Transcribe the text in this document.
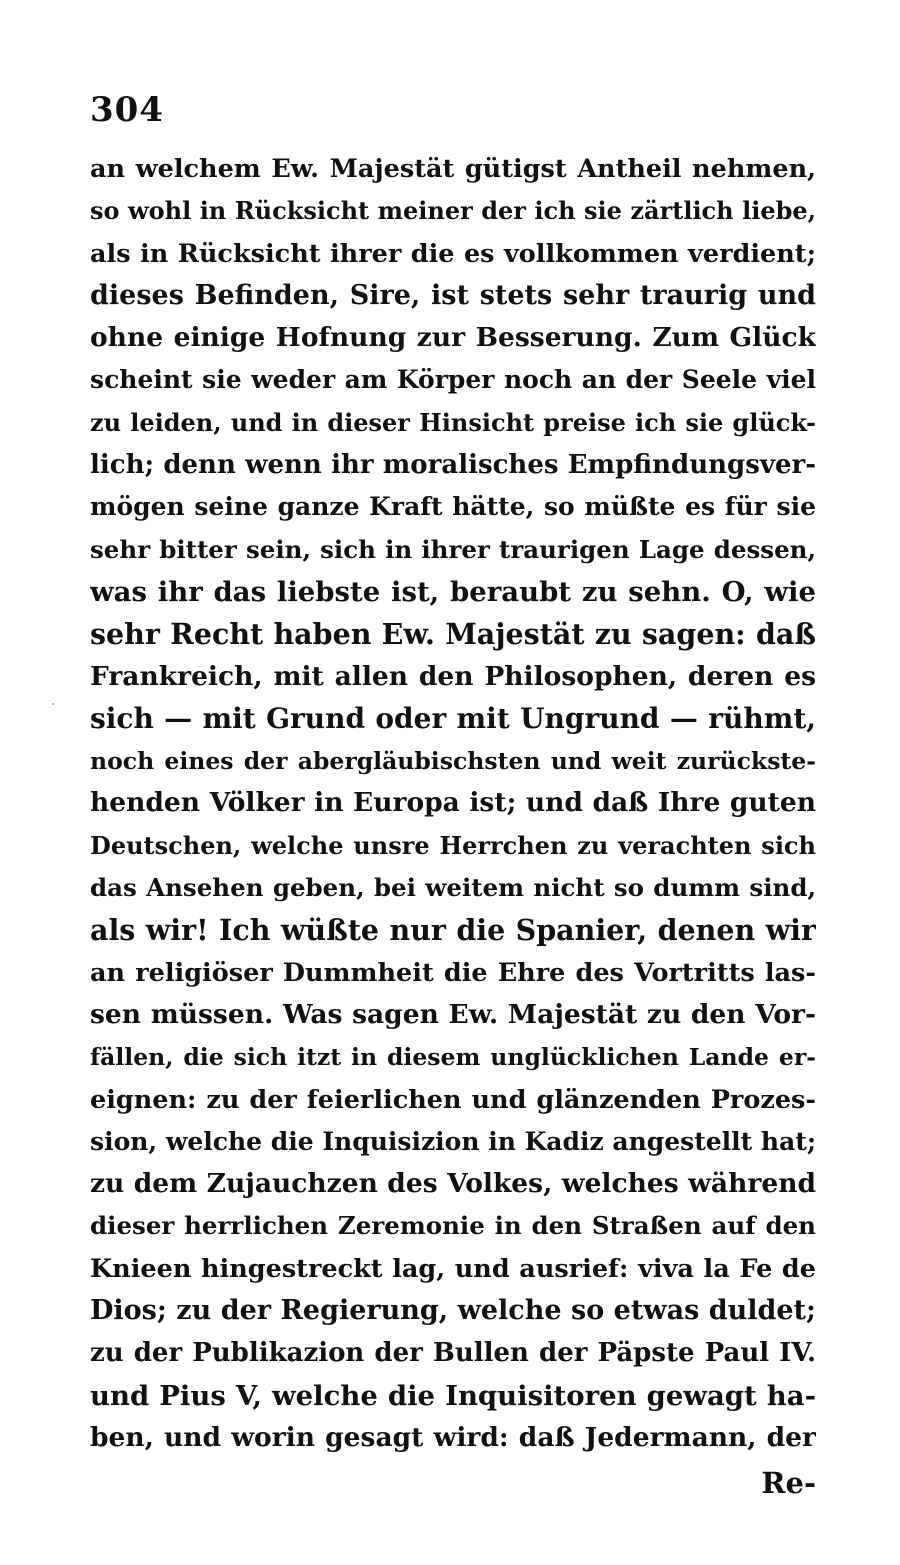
304
an welchem Ew. Majestät gütigst Antheil nehmen,
so wohl in Rücksicht meiner der ich sie zärtlich liebe,
als in Rücksicht ihrer die es vollkommen verdient;
dieses Befinden, Sire, ist stets sehr traurig und
ohne einige Hofnung zur Besserung. Zum Glück
scheint sie weder am Körper noch an der Seele viel
zu leiden, und in dieser Hinsicht preise ich sie glück-
lich; denn wenn ihr moralisches Empfindungsver-
mögen seine ganze Kraft hätte, so müßte es für sie
sehr bitter sein, sich in ihrer traurigen Lage dessen,
was ihr das liebste ist, beraubt zu sehn. O, wie
sehr Recht haben Ew. Majestät zu sagen: daß
Frankreich, mit allen den Philosophen, deren es
sich — mit Grund oder mit Ungrund — rühmt,
noch eines der abergläubischsten und weit zurückste-
henden Völker in Europa ist; und daß Ihre guten
Deutschen, welche unsre Herrchen zu verachten sich
das Ansehen geben, bei weitem nicht so dumm sind,
als wir! Ich wüßte nur die Spanier, denen wir
an religiöser Dummheit die Ehre des Vortritts las-
sen müssen. Was sagen Ew. Majestät zu den Vor-
fällen, die sich itzt in diesem unglücklichen Lande er-
eignen: zu der feierlichen und glänzenden Prozes-
sion, welche die Inquisizion in Kadiz angestellt hat;
zu dem Zujauchzen des Volkes, welches während
dieser herrlichen Zeremonie in den Straßen auf den
Knieen hingestreckt lag, und ausrief: viva la Fe de
Dios; zu der Regierung, welche so etwas duldet;
zu der Publikazion der Bullen der Päpste Paul IV.
und Pius V, welche die Inquisitoren gewagt ha-
ben, und worin gesagt wird: daß Jedermann, der
Re-
